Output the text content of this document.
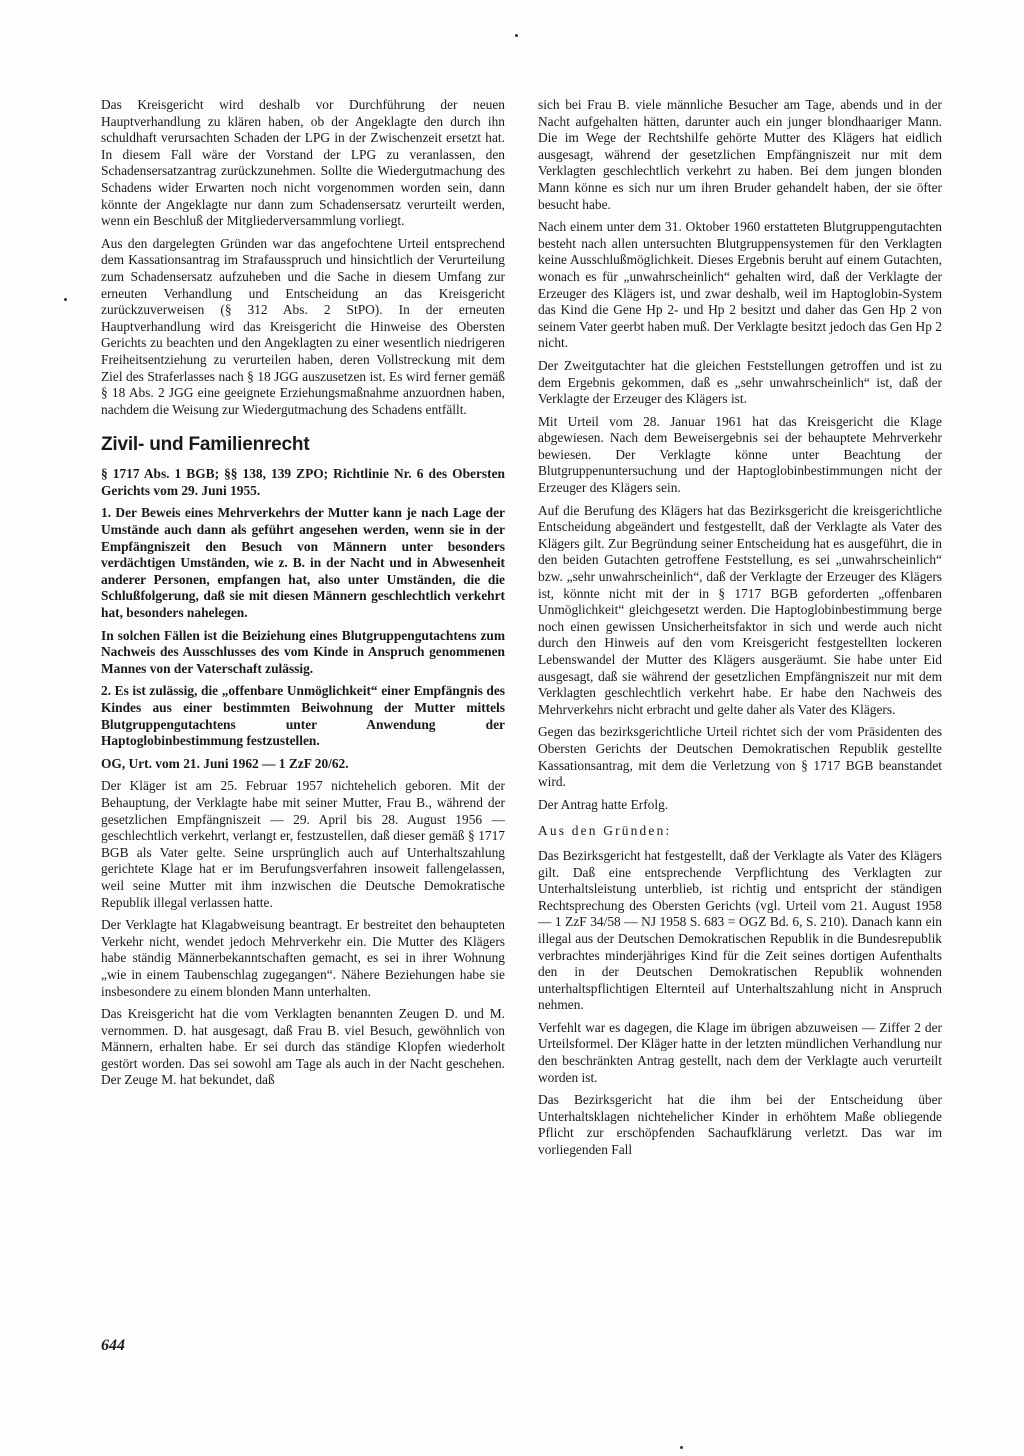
Das Kreisgericht wird deshalb vor Durchführung der neuen Hauptverhandlung zu klären haben, ob der Angeklagte den durch ihn schuldhaft verursachten Schaden der LPG in der Zwischenzeit ersetzt hat. In diesem Fall wäre der Vorstand der LPG zu veranlassen, den Schadensersatzantrag zurückzunehmen. Sollte die Wiedergutmachung des Schadens wider Erwarten noch nicht vorgenommen worden sein, dann könnte der Angeklagte nur dann zum Schadensersatz verurteilt werden, wenn ein Beschluß der Mitgliederversammlung vorliegt.

Aus den dargelegten Gründen war das angefochtene Urteil entsprechend dem Kassationsantrag im Strafausspruch und hinsichtlich der Verurteilung zum Schadensersatz aufzuheben und die Sache in diesem Umfang zur erneuten Verhandlung und Entscheidung an das Kreisgericht zurückzuverweisen (§ 312 Abs. 2 StPO). In der erneuten Hauptverhandlung wird das Kreisgericht die Hinweise des Obersten Gerichts zu beachten und den Angeklagten zu einer wesentlich niedrigeren Freiheitsentziehung zu verurteilen haben, deren Vollstreckung mit dem Ziel des Straferlasses nach § 18 JGG auszusetzen ist. Es wird ferner gemäß § 18 Abs. 2 JGG eine geeignete Erziehungsmaßnahme anzuordnen haben, nachdem die Weisung zur Wiedergutmachung des Schadens entfällt.

Zivil- und Familienrecht

§ 1717 Abs. 1 BGB; §§ 138, 139 ZPO; Richtlinie Nr. 6 des Obersten Gerichts vom 29. Juni 1955.

1. Der Beweis eines Mehrverkehrs der Mutter kann je nach Lage der Umstände auch dann als geführt angesehen werden, wenn sie in der Empfängniszeit den Besuch von Männern unter besonders verdächtigen Umständen, wie z. B. in der Nacht und in Abwesenheit anderer Personen, empfangen hat, also unter Umständen, die die Schlußfolgerung, daß sie mit diesen Männern geschlechtlich verkehrt hat, besonders nahelegen.

In solchen Fällen ist die Beiziehung eines Blutgruppengutachtens zum Nachweis des Ausschlusses des vom Kinde in Anspruch genommenen Mannes von der Vaterschaft zulässig.

2. Es ist zulässig, die „offenbare Unmöglichkeit“ einer Empfängnis des Kindes aus einer bestimmten Beiwohnung der Mutter mittels Blutgruppengutachtens unter Anwendung der Haptoglobinbestimmung festzustellen.

OG, Urt. vom 21. Juni 1962 — 1 ZzF 20/62.

Der Kläger ist am 25. Februar 1957 nichtehelich geboren. Mit der Behauptung, der Verklagte habe mit seiner Mutter, Frau B., während der gesetzlichen Empfängniszeit — 29. April bis 28. August 1956 — geschlechtlich verkehrt, verlangt er, festzustellen, daß dieser gemäß § 1717 BGB als Vater gelte. Seine ursprünglich auch auf Unterhaltszahlung gerichtete Klage hat er im Berufungsverfahren insoweit fallengelassen, weil seine Mutter mit ihm inzwischen die Deutsche Demokratische Republik illegal verlassen hatte.

Der Verklagte hat Klagabweisung beantragt. Er bestreitet den behaupteten Verkehr nicht, wendet jedoch Mehrverkehr ein. Die Mutter des Klägers habe ständig Männerbekanntschaften gemacht, es sei in ihrer Wohnung „wie in einem Taubenschlag zugegangen“. Nähere Beziehungen habe sie insbesondere zu einem blonden Mann unterhalten.

Das Kreisgericht hat die vom Verklagten benannten Zeugen D. und M. vernommen. D. hat ausgesagt, daß Frau B. viel Besuch, gewöhnlich von Männern, erhalten habe. Er sei durch das ständige Klopfen wiederholt gestört worden. Das sei sowohl am Tage als auch in der Nacht geschehen. Der Zeuge M. hat bekundet, daß

sich bei Frau B. viele männliche Besucher am Tage, abends und in der Nacht aufgehalten hätten, darunter auch ein junger blondhaariger Mann. Die im Wege der Rechtshilfe gehörte Mutter des Klägers hat eidlich ausgesagt, während der gesetzlichen Empfängniszeit nur mit dem Verklagten geschlechtlich verkehrt zu haben. Bei dem jungen blonden Mann könne es sich nur um ihren Bruder gehandelt haben, der sie öfter besucht habe.

Nach einem unter dem 31. Oktober 1960 erstatteten Blutgruppengutachten besteht nach allen untersuchten Blutgruppensystemen für den Verklagten keine Ausschlußmöglichkeit. Dieses Ergebnis beruht auf einem Gutachten, wonach es für „unwahrscheinlich“ gehalten wird, daß der Verklagte der Erzeuger des Klägers ist, und zwar deshalb, weil im Haptoglobin-System das Kind die Gene Hp 2- und Hp 2 besitzt und daher das Gen Hp 2 von seinem Vater geerbt haben muß. Der Verklagte besitzt jedoch das Gen Hp 2 nicht.

Der Zweitgutachter hat die gleichen Feststellungen getroffen und ist zu dem Ergebnis gekommen, daß es „sehr unwahrscheinlich“ ist, daß der Verklagte der Erzeuger des Klägers ist.

Mit Urteil vom 28. Januar 1961 hat das Kreisgericht die Klage abgewiesen. Nach dem Beweisergebnis sei der behauptete Mehrverkehr bewiesen. Der Verklagte könne unter Beachtung der Blutgruppenuntersuchung und der Haptoglobinbestimmungen nicht der Erzeuger des Klägers sein.

Auf die Berufung des Klägers hat das Bezirksgericht die kreisgerichtliche Entscheidung abgeändert und festgestellt, daß der Verklagte als Vater des Klägers gilt. Zur Begründung seiner Entscheidung hat es ausgeführt, die in den beiden Gutachten getroffene Feststellung, es sei „unwahrscheinlich“ bzw. „sehr unwahrscheinlich“, daß der Verklagte der Erzeuger des Klägers ist, könnte nicht mit der in § 1717 BGB geforderten „offenbaren Unmöglichkeit“ gleichgesetzt werden. Die Haptoglobinbestimmung berge noch einen gewissen Unsicherheitsfaktor in sich und werde auch nicht durch den Hinweis auf den vom Kreisgericht festgestellten lockeren Lebenswandel der Mutter des Klägers ausgeräumt. Sie habe unter Eid ausgesagt, daß sie während der gesetzlichen Empfängniszeit nur mit dem Verklagten geschlechtlich verkehrt habe. Er habe den Nachweis des Mehrverkehrs nicht erbracht und gelte daher als Vater des Klägers.

Gegen das bezirksgerichtliche Urteil richtet sich der vom Präsidenten des Obersten Gerichts der Deutschen Demokratischen Republik gestellte Kassationsantrag, mit dem die Verletzung von § 1717 BGB beanstandet wird.

Der Antrag hatte Erfolg.

Aus den Gründen:

Das Bezirksgericht hat festgestellt, daß der Verklagte als Vater des Klägers gilt. Daß eine entsprechende Verpflichtung des Verklagten zur Unterhaltsleistung unterblieb, ist richtig und entspricht der ständigen Rechtsprechung des Obersten Gerichts (vgl. Urteil vom 21. August 1958 — 1 ZzF 34/58 — NJ 1958 S. 683 = OGZ Bd. 6, S. 210). Danach kann ein illegal aus der Deutschen Demokratischen Republik in die Bundesrepublik verbrachtes minderjähriges Kind für die Zeit seines dortigen Aufenthalts den in der Deutschen Demokratischen Republik wohnenden unterhaltspflichtigen Elternteil auf Unterhaltszahlung nicht in Anspruch nehmen.

Verfehlt war es dagegen, die Klage im übrigen abzuweisen — Ziffer 2 der Urteilsformel. Der Kläger hatte in der letzten mündlichen Verhandlung nur den beschränkten Antrag gestellt, nach dem der Verklagte auch verurteilt worden ist.

Das Bezirksgericht hat die ihm bei der Entscheidung über Unterhaltsklagen nichtehelicher Kinder in erhöhtem Maße obliegende Pflicht zur erschöpfenden Sachaufklärung verletzt. Das war im vorliegenden Fall

644
